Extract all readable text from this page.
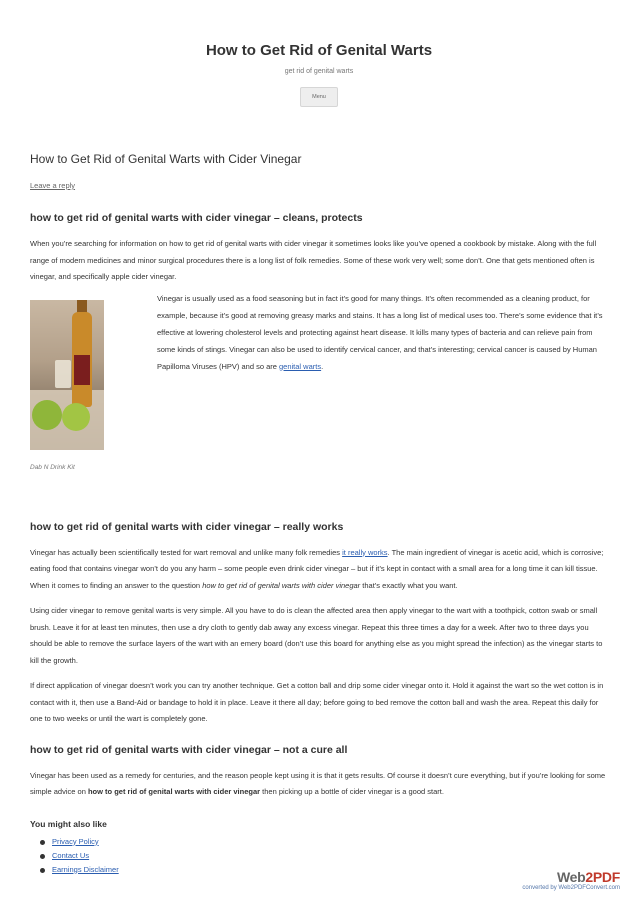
How to Get Rid of Genital Warts
get rid of genital warts
Menu
How to Get Rid of Genital Warts with Cider Vinegar
Leave a reply
how to get rid of genital warts with cider vinegar – cleans, protects

When you’re searching for information on how to get rid of genital warts with cider vinegar it sometimes looks like you’ve opened a cookbook by mistake. Along with the full range of modern medicines and minor surgical procedures there is a long list of folk remedies. Some of these work very well; some don’t. One that gets mentioned often is vinegar, and specifically apple cider vinegar.

Dab N Drink Kit

Vinegar is usually used as a food seasoning but in fact it’s good for many things. It’s often recommended as a cleaning product, for example, because it’s good at removing greasy marks and stains. It has a long list of medical uses too. There’s some evidence that it’s effective at lowering cholesterol levels and protecting against heart disease. It kills many types of bacteria and can relieve pain from some kinds of stings. Vinegar can also be used to identify cervical cancer, and that’s interesting; cervical cancer is caused by Human Papilloma Viruses (HPV) and so are genital warts.

how to get rid of genital warts with cider vinegar – really works

Vinegar has actually been scientifically tested for wart removal and unlike many folk remedies it really works. The main ingredient of vinegar is acetic acid, which is corrosive; eating food that contains vinegar won’t do you any harm – some people even drink cider vinegar – but if it’s kept in contact with a small area for a long time it can kill tissue. When it comes to finding an answer to the question how to get rid of genital warts with cider vinegar that’s exactly what you want.

Using cider vinegar to remove genital warts is very simple. All you have to do is clean the affected area then apply vinegar to the wart with a toothpick, cotton swab or small brush. Leave it for at least ten minutes, then use a dry cloth to gently dab away any excess vinegar. Repeat this three times a day for a week. After two to three days you should be able to remove the surface layers of the wart with an emery board (don’t use this board for anything else as you might spread the infection) as the vinegar starts to kill the growth.

If direct application of vinegar doesn’t work you can try another technique. Get a cotton ball and drip some cider vinegar onto it. Hold it against the wart so the wet cotton is in contact with it, then use a Band-Aid or bandage to hold it in place. Leave it there all day; before going to bed remove the cotton ball and wash the area. Repeat this daily for one to two weeks or until the wart is completely gone.

how to get rid of genital warts with cider vinegar – not a cure all

Vinegar has been used as a remedy for centuries, and the reason people kept using it is that it gets results. Of course it doesn’t cure everything, but if you’re looking for some simple advice on how to get rid of genital warts with cider vinegar then picking up a bottle of cider vinegar is a good start.

You might also like
Privacy Policy
Contact Us
Earnings Disclaimer	Web2PDF
converted by Web2PDFConvert.com
